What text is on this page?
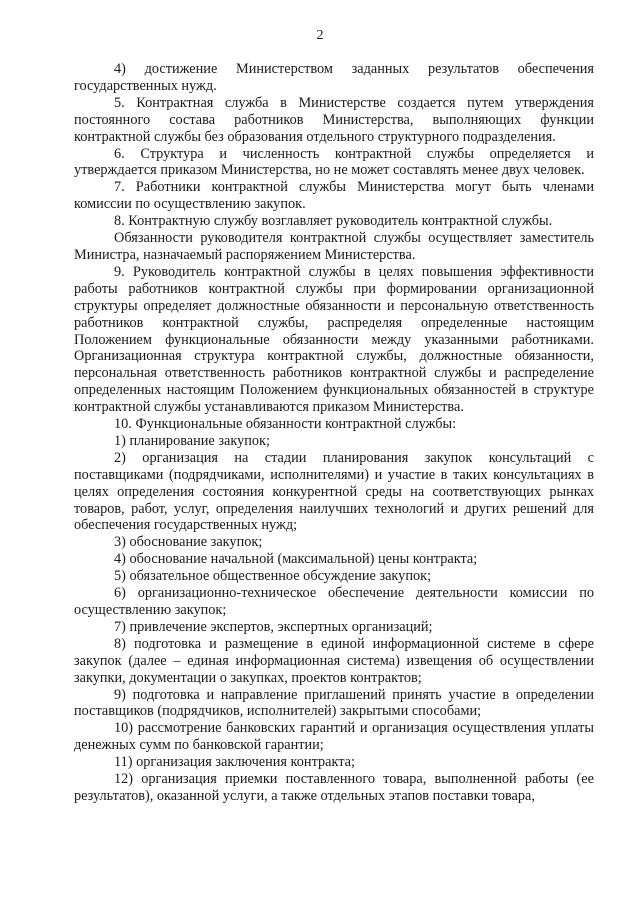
2

4) достижение Министерством заданных результатов обеспечения государственных нужд.

5. Контрактная служба в Министерстве создается путем утверждения постоянного состава работников Министерства, выполняющих функции контрактной службы без образования отдельного структурного подразделения.

6. Структура и численность контрактной службы определяется и утверждается приказом Министерства, но не может составлять менее двух человек.

7. Работники контрактной службы Министерства могут быть членами комиссии по осуществлению закупок.

8. Контрактную службу возглавляет руководитель контрактной службы.

Обязанности руководителя контрактной службы осуществляет заместитель Министра, назначаемый распоряжением Министерства.

9. Руководитель контрактной службы в целях повышения эффективности работы работников контрактной службы при формировании организационной структуры определяет должностные обязанности и персональную ответственность работников контрактной службы, распределяя определенные настоящим Положением функциональные обязанности между указанными работниками. Организационная структура контрактной службы, должностные обязанности, персональная ответственность работников контрактной службы и распределение определенных настоящим Положением функциональных обязанностей в структуре контрактной службы устанавливаются приказом Министерства.

10. Функциональные обязанности контрактной службы:

1) планирование закупок;

2) организация на стадии планирования закупок консультаций с поставщиками (подрядчиками, исполнителями) и участие в таких консультациях в целях определения состояния конкурентной среды на соответствующих рынках товаров, работ, услуг, определения наилучших технологий и других решений для обеспечения государственных нужд;

3) обоснование закупок;

4) обоснование начальной (максимальной) цены контракта;

5) обязательное общественное обсуждение закупок;

6) организационно-техническое обеспечение деятельности комиссии по осуществлению закупок;

7) привлечение экспертов, экспертных организаций;

8) подготовка и размещение в единой информационной системе в сфере закупок (далее – единая информационная система) извещения об осуществлении закупки, документации о закупках, проектов контрактов;

9) подготовка и направление приглашений принять участие в определении поставщиков (подрядчиков, исполнителей) закрытыми способами;

10) рассмотрение банковских гарантий и организация осуществления уплаты денежных сумм по банковской гарантии;

11) организация заключения контракта;

12) организация приемки поставленного товара, выполненной работы (ее результатов), оказанной услуги, а также отдельных этапов поставки товара,
